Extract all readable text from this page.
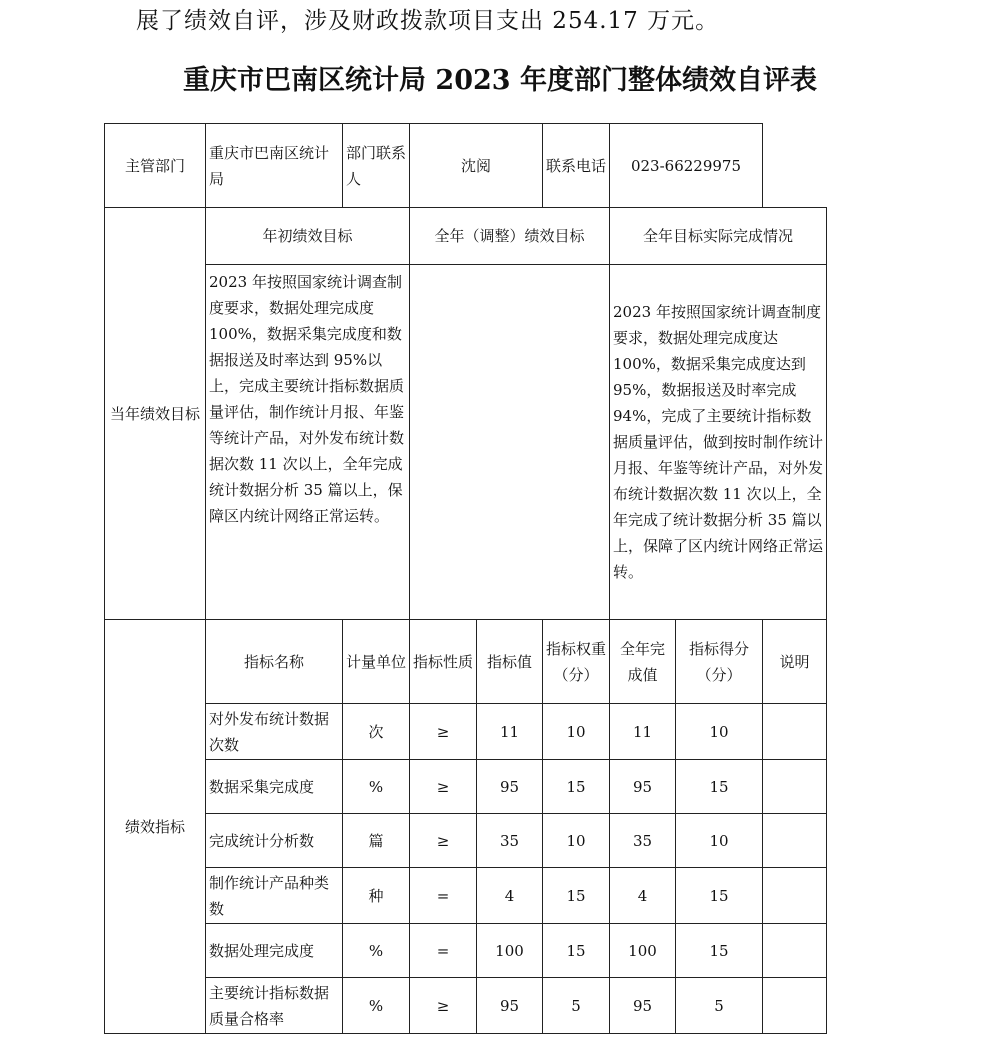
展了绩效自评，涉及财政拨款项目支出 254.17 万元。
重庆市巴南区统计局 2023 年度部门整体绩效自评表
主管部门	重庆市巴南区统计局	部门联系人	沈阅		联系电话	023-66229975	
当年绩效目标	年初绩效目标		全年（调整）绩效目标			全年目标实际完成情况		
	2023 年按照国家统计调查制度要求，数据处理完成度 100%，数据采集完成度和数据报送及时率达到 95%以上，完成主要统计指标数据质量评估，制作统计月报、年鉴等统计产品，对外发布统计数据次数 11 次以上，全年完成统计数据分析 35 篇以上，保障区内统计网络正常运转。					2023 年按照国家统计调查制度要求，数据处理完成度达 100%，数据采集完成度达到 95%，数据报送及时率完成 94%，完成了主要统计指标数据质量评估，做到按时制作统计月报、年鉴等统计产品，对外发布统计数据次数 11 次以上，全年完成了统计数据分析 35 篇以上，保障了区内统计网络正常运转。		
绩效指标	指标名称	计量单位	指标性质	指标值	指标权重（分）	全年完成值	指标得分（分）	说明
	对外发布统计数据次数	次	≥	11	10	11	10	
	数据采集完成度	%	≥	95	15	95	15	
	完成统计分析数	篇	≥	35	10	35	10	
	制作统计产品种类数	种	=	4	15	4	15	
	数据处理完成度	%	=	100	15	100	15	
	主要统计指标数据质量合格率	%	≥	95	5	95	5	
